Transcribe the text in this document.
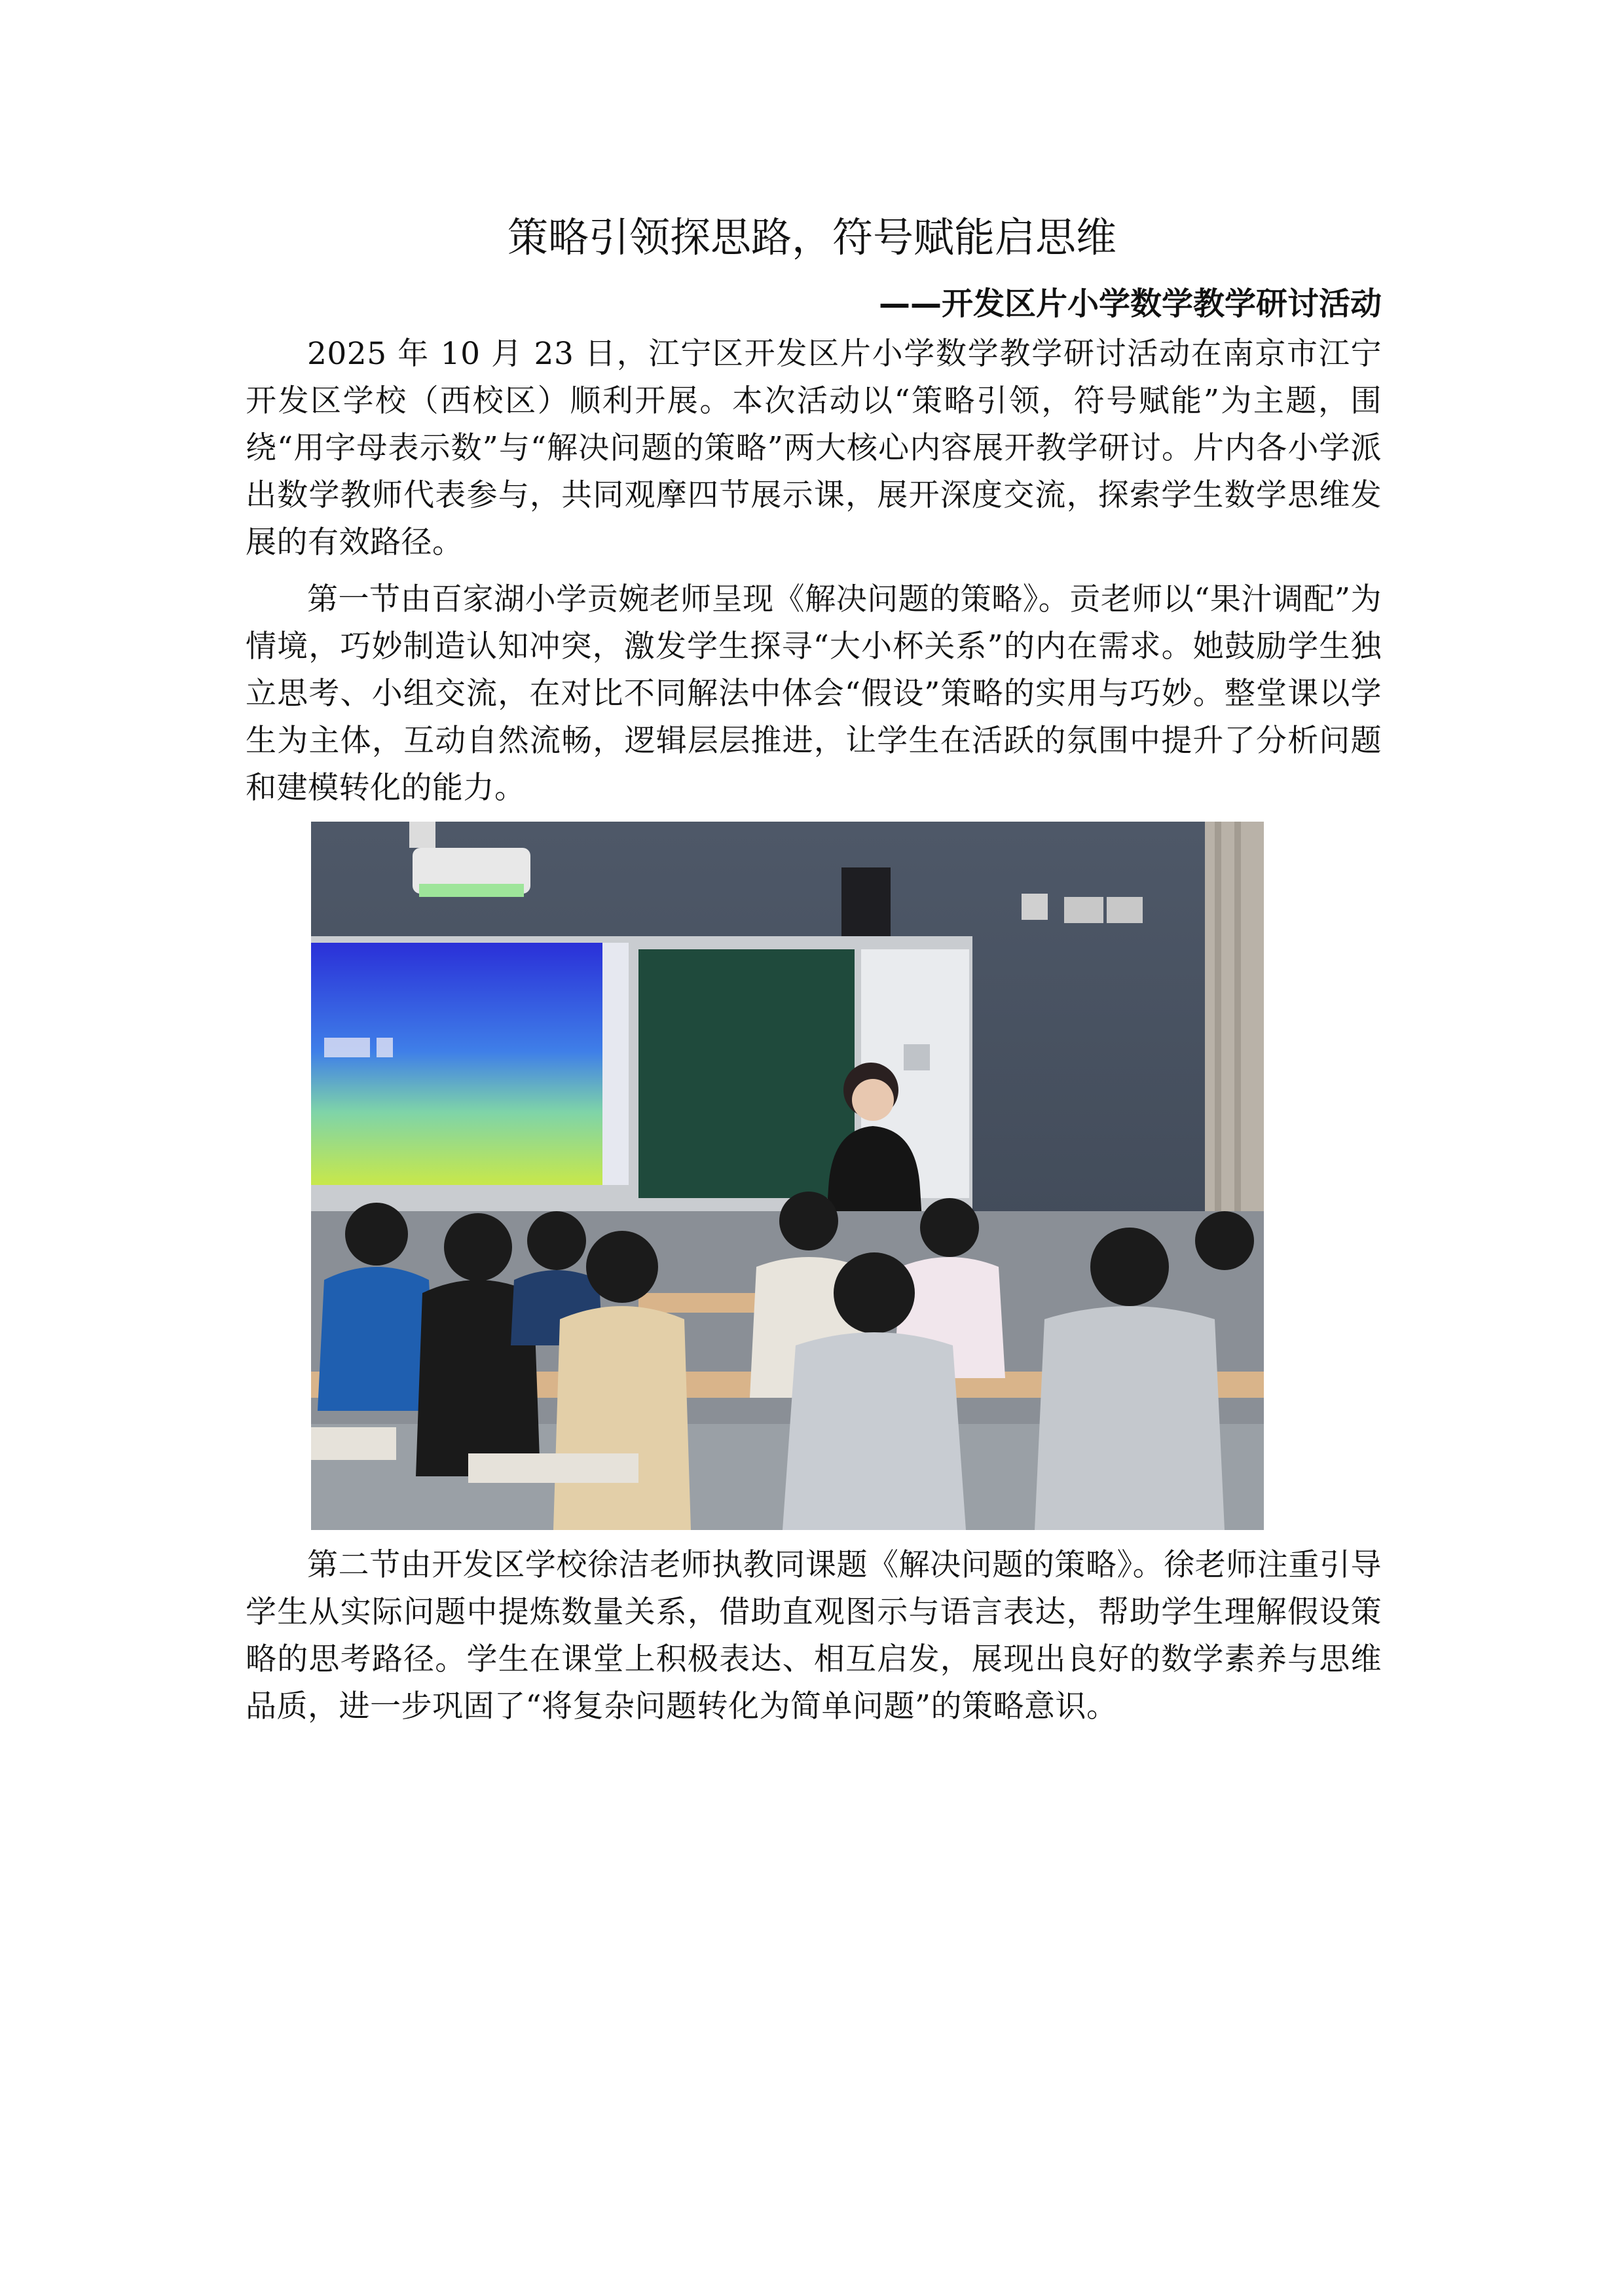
策略引领探思路，符号赋能启思维
——开发区片小学数学教学研讨活动

2025 年 10 月 23 日，江宁区开发区片小学数学教学研讨活动在南京市江宁开发区学校（西校区）顺利开展。本次活动以“策略引领，符号赋能”为主题，围绕“用字母表示数”与“解决问题的策略”两大核心内容展开教学研讨。片内各小学派出数学教师代表参与，共同观摩四节展示课，展开深度交流，探索学生数学思维发展的有效路径。

第一节由百家湖小学贡婉老师呈现《解决问题的策略》。贡老师以“果汁调配”为情境，巧妙制造认知冲突，激发学生探寻“大小杯关系”的内在需求。她鼓励学生独立思考、小组交流，在对比不同解法中体会“假设”策略的实用与巧妙。整堂课以学生为主体，互动自然流畅，逻辑层层推进，让学生在活跃的氛围中提升了分析问题和建模转化的能力。

第二节由开发区学校徐洁老师执教同课题《解决问题的策略》。徐老师注重引导学生从实际问题中提炼数量关系，借助直观图示与语言表达，帮助学生理解假设策略的思考路径。学生在课堂上积极表达、相互启发，展现出良好的数学素养与思维品质，进一步巩固了“将复杂问题转化为简单问题”的策略意识。
